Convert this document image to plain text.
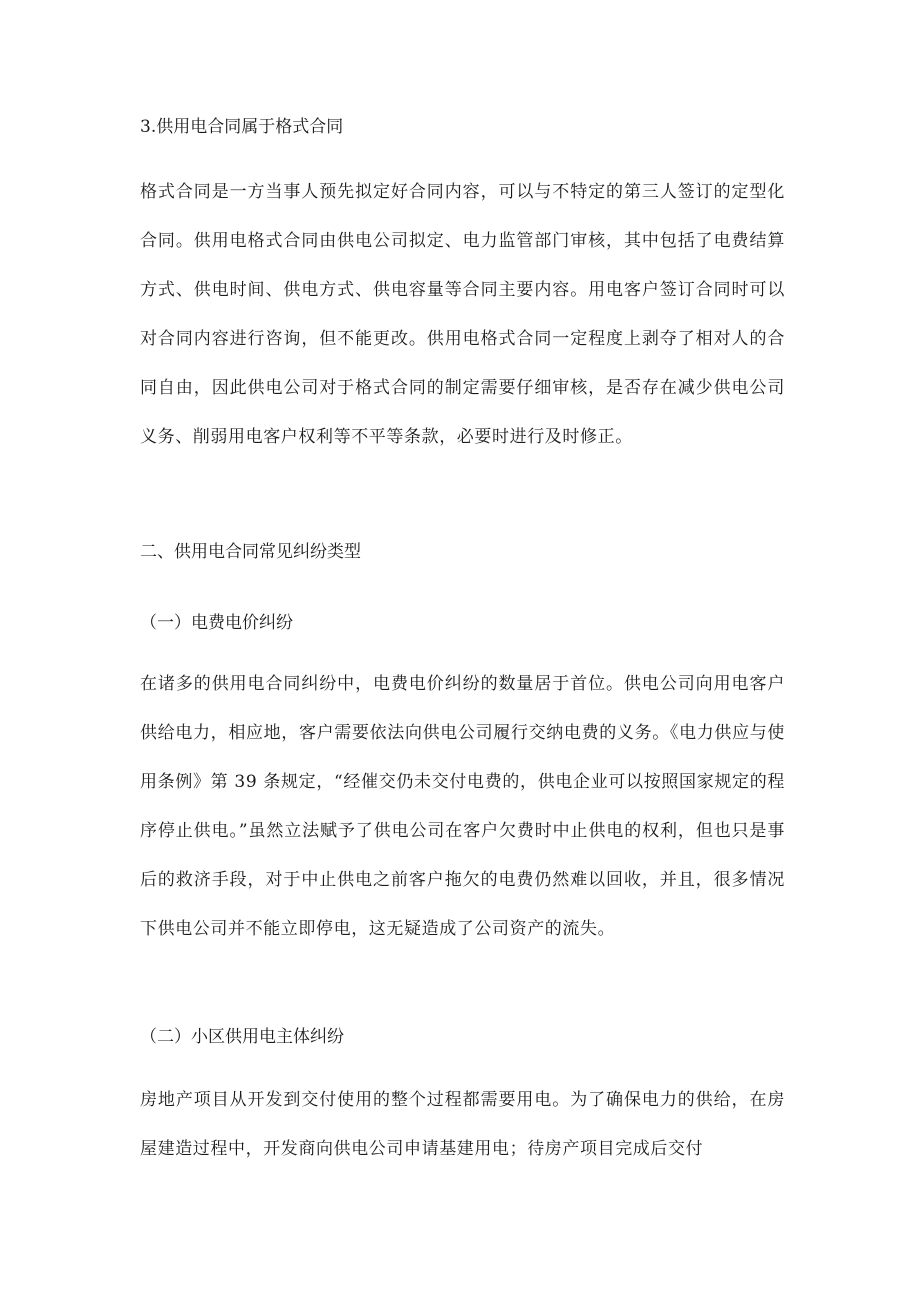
3.供用电合同属于格式合同
格式合同是一方当事人预先拟定好合同内容，可以与不特定的第三人签订的定型化合同。供用电格式合同由供电公司拟定、电力监管部门审核，其中包括了电费结算方式、供电时间、供电方式、供电容量等合同主要内容。用电客户签订合同时可以对合同内容进行咨询，但不能更改。供用电格式合同一定程度上剥夺了相对人的合同自由，因此供电公司对于格式合同的制定需要仔细审核，是否存在减少供电公司义务、削弱用电客户权利等不平等条款，必要时进行及时修正。
二、供用电合同常见纠纷类型
（一）电费电价纠纷
在诸多的供用电合同纠纷中，电费电价纠纷的数量居于首位。供电公司向用电客户供给电力，相应地，客户需要依法向供电公司履行交纳电费的义务。《电力供应与使用条例》第 39 条规定，“经催交仍未交付电费的，供电企业可以按照国家规定的程序停止供电。”虽然立法赋予了供电公司在客户欠费时中止供电的权利，但也只是事后的救济手段，对于中止供电之前客户拖欠的电费仍然难以回收，并且，很多情况下供电公司并不能立即停电，这无疑造成了公司资产的流失。
（二）小区供用电主体纠纷
房地产项目从开发到交付使用的整个过程都需要用电。为了确保电力的供给，在房屋建造过程中，开发商向供电公司申请基建用电；待房产项目完成后交付
